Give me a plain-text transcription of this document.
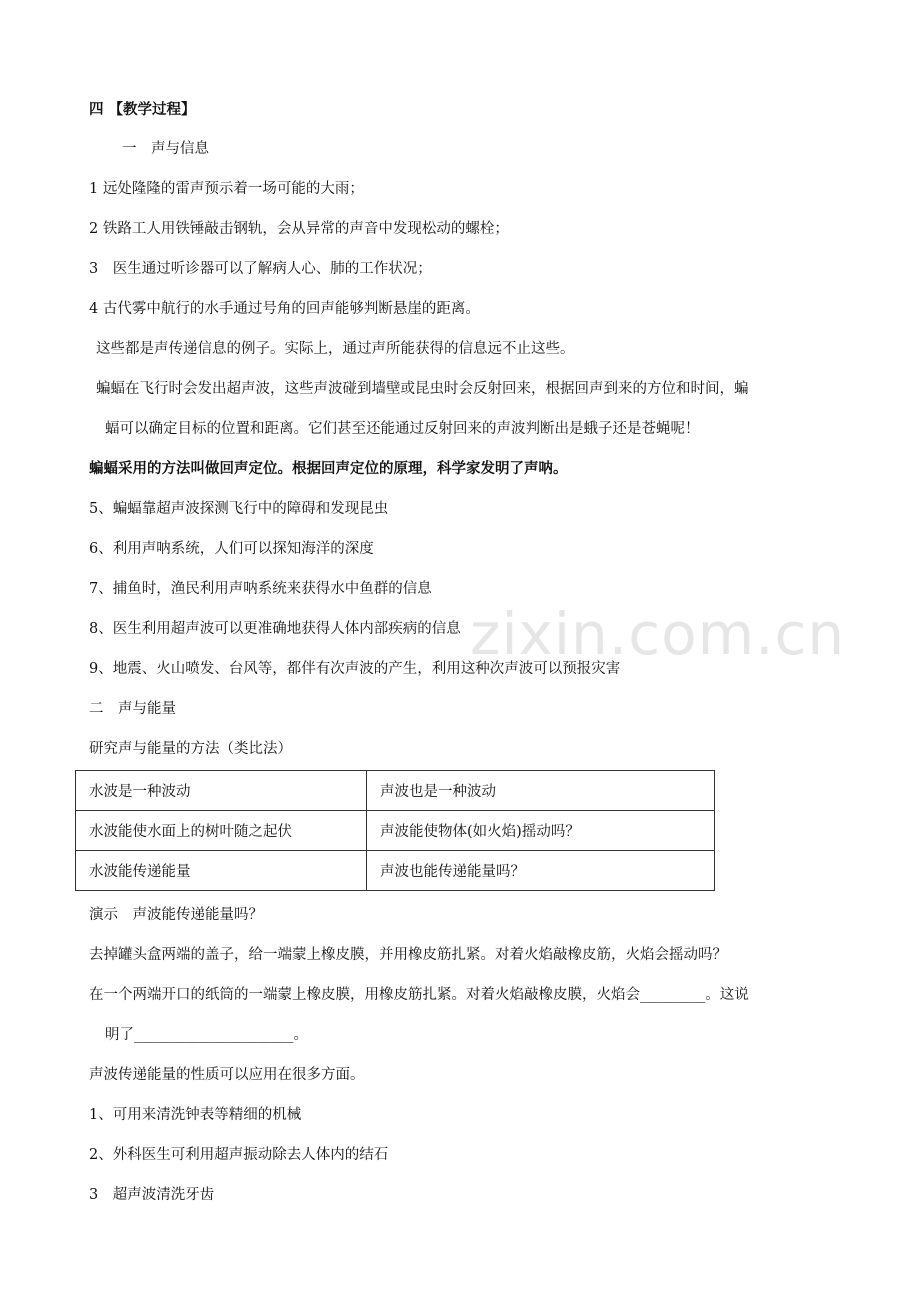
zixin.com.cn
四 【教学过程】
一　声与信息
1 远处隆隆的雷声预示着一场可能的大雨；
2 铁路工人用铁锤敲击钢轨，会从异常的声音中发现松动的螺栓；
3　医生通过听诊器可以了解病人心、肺的工作状况；
4 古代雾中航行的水手通过号角的回声能够判断悬崖的距离。
这些都是声传递信息的例子。实际上，通过声所能获得的信息远不止这些。
蝙蝠在飞行时会发出超声波，这些声波碰到墙壁或昆虫时会反射回来，根据回声到来的方位和时间，蝙
蝠可以确定目标的位置和距离。它们甚至还能通过反射回来的声波判断出是蛾子还是苍蝇呢！
蝙蝠采用的方法叫做回声定位。根据回声定位的原理，科学家发明了声呐。
5、蝙蝠靠超声波探测飞行中的障碍和发现昆虫
6、利用声呐系统，人们可以探知海洋的深度
7、捕鱼时，渔民利用声呐系统来获得水中鱼群的信息
8、医生利用超声波可以更准确地获得人体内部疾病的信息
9、地震、火山喷发、台风等，都伴有次声波的产生，利用这种次声波可以预报灾害
二　声与能量
研究声与能量的方法（类比法）
水波是一种波动	声波也是一种波动
水波能使水面上的树叶随之起伏	声波能使物体(如火焰)摇动吗？
水波能传递能量	声波也能传递能量吗？
演示　声波能传递能量吗？
去掉罐头盒两端的盖子，给一端蒙上橡皮膜，并用橡皮筋扎紧。对着火焰敲橡皮筋，火焰会摇动吗？
在一个两端开口的纸筒的一端蒙上橡皮膜，用橡皮筋扎紧。对着火焰敲橡皮膜，火焰会_________。这说
明了______________________。
声波传递能量的性质可以应用在很多方面。
1、可用来清洗钟表等精细的机械
2、外科医生可利用超声振动除去人体内的结石
3　超声波清洗牙齿
